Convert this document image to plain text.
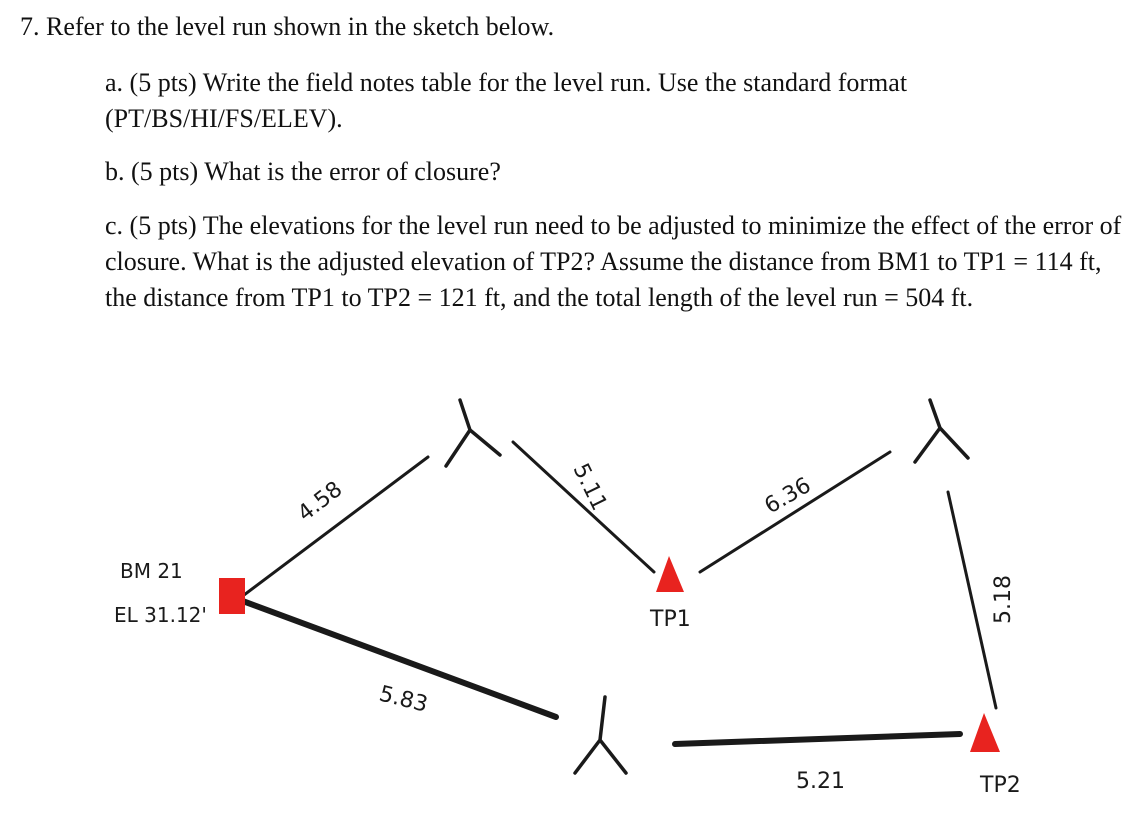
7. Refer to the level run shown in the sketch below.
a. (5 pts) Write the field notes table for the level run. Use the standard format (PT/BS/HI/FS/ELEV).
b. (5 pts) What is the error of closure?
c. (5 pts) The elevations for the level run need to be adjusted to minimize the effect of the error of closure. What is the adjusted elevation of TP2? Assume the distance from BM1 to TP1 = 114 ft, the distance from TP1 to TP2 = 121 ft, and the total length of the level run = 504 ft.
BM 21
EL 31.12'
4.58	5.11	6.36
5.18
5.21
5.83
TP1
TP2
